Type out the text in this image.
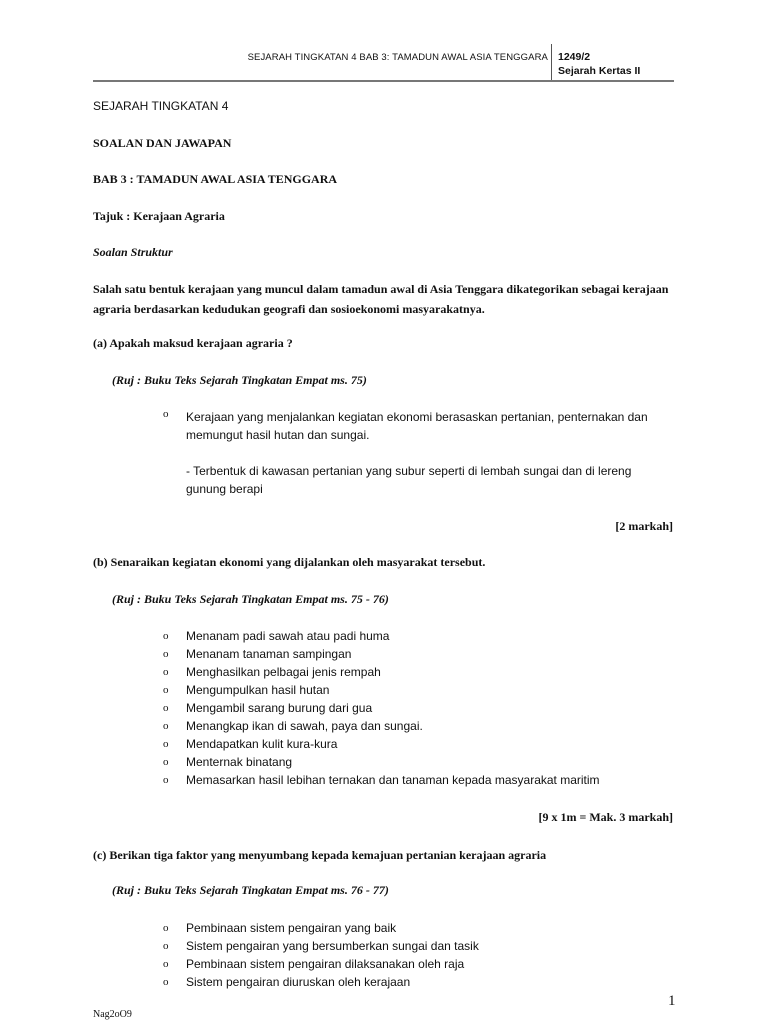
SEJARAH TINGKATAN 4 BAB 3: TAMADUN AWAL ASIA TENGGARA 1249/2
Sejarah Kertas II
SEJARAH TINGKATAN 4
SOALAN DAN JAWAPAN
BAB 3 : TAMADUN AWAL ASIA TENGGARA
Tajuk : Kerajaan Agraria
Soalan Struktur
Salah satu bentuk kerajaan yang muncul dalam tamadun awal di Asia Tenggara dikategorikan sebagai kerajaan agraria berdasarkan kedudukan geografi dan sosioekonomi masyarakatnya.
(a) Apakah maksud kerajaan agraria ?
(Ruj : Buku Teks Sejarah Tingkatan Empat ms. 75)
o Kerajaan yang menjalankan kegiatan ekonomi berasaskan pertanian, penternakan dan memungut hasil hutan dan sungai.
- Terbentuk di kawasan pertanian yang subur seperti di lembah sungai dan di lereng gunung berapi
[2 markah]
(b) Senaraikan kegiatan ekonomi yang dijalankan oleh masyarakat tersebut.
(Ruj : Buku Teks Sejarah Tingkatan Empat ms. 75 - 76)
o Menanam padi sawah atau padi huma
o Menanam tanaman sampingan
o Menghasilkan pelbagai jenis rempah
o Mengumpulkan hasil hutan
o Mengambil sarang burung dari gua
o Menangkap ikan di sawah, paya dan sungai.
o Mendapatkan kulit kura-kura
o Menternak binatang
o Memasarkan hasil lebihan ternakan dan tanaman kepada masyarakat maritim
[9 x 1m = Mak. 3 markah]
(c) Berikan tiga faktor yang menyumbang kepada kemajuan pertanian kerajaan agraria
(Ruj : Buku Teks Sejarah Tingkatan Empat ms. 76 - 77)
o Pembinaan sistem pengairan yang baik
o Sistem pengairan yang bersumberkan sungai dan tasik
o Pembinaan sistem pengairan dilaksanakan oleh raja
o Sistem pengairan diuruskan oleh kerajaan
1
Nag2oO9
